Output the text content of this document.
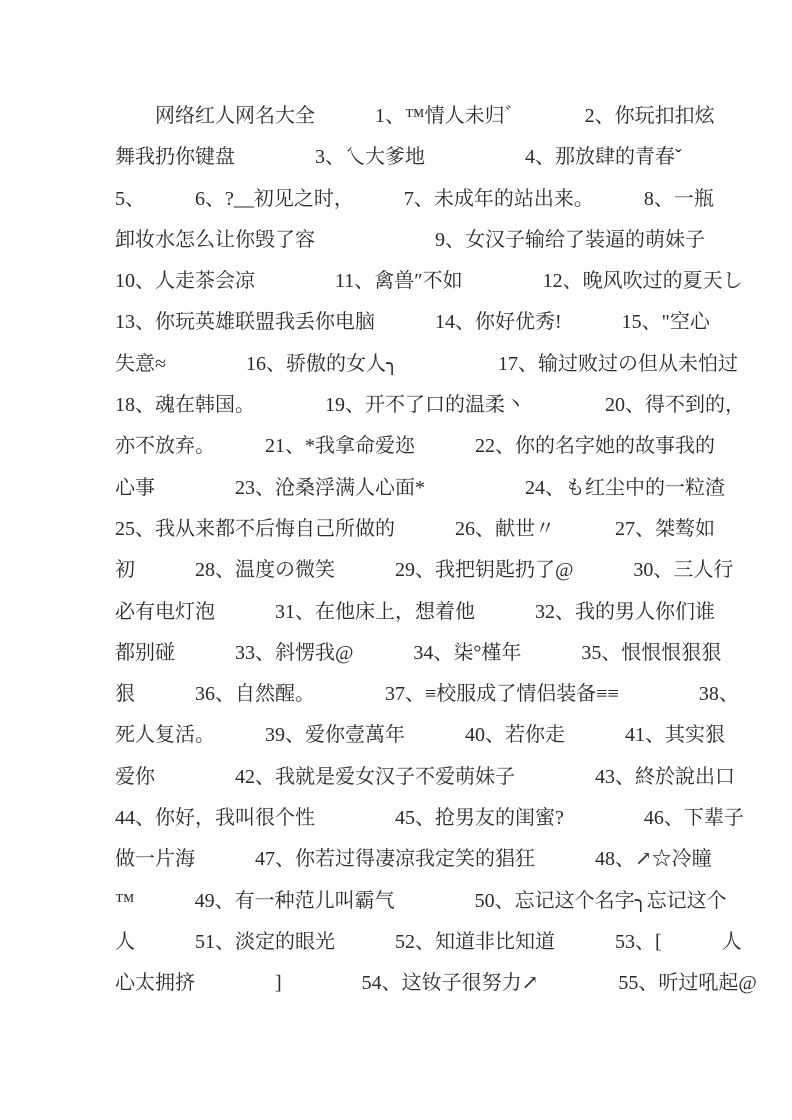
　　网络红人网名大全　　　1、™情人未归゛　　　2、你玩扣扣炫
舞我扔你键盘　　　　3、乀大爹地　　　　　4、那放肆的青春ˇ
5、　　　6、?__初见之时，　　　7、未成年的站出来。　　　8、一瓶
卸妆水怎么让你毁了容　　　　　　9、女汉子输给了装逼的萌妹子
10、人走茶会凉　　　　11、禽兽″不如　　　　12、晚风吹过的夏天し
13、你玩英雄联盟我丢你电脑　　　14、你好优秀!　　　15、"空心
失意≈　　　　16、骄傲的女人╮　　　　　17、输过败过の但从未怕过
18、魂在韩国。　　　　19、开不了口的温柔丶　　　　20、得不到的，
亦不放弃。　　　21、*我拿命爱迩　　　22、你的名字她的故事我的
心事　　　　23、沧桑浮满人心面*　　　　　24、も红尘中的一粒渣
25、我从来都不后悔自己所做的　　　26、献世〃　　　27、桀骜如
初　　　28、温度の微笑　　　29、我把钥匙扔了@　　　30、三人行
必有电灯泡　　　31、在他床上，想着他　　　32、我的男人你们谁
都别碰　　　33、斜愣我@　　　34、柒°槿年　　　35、恨恨恨狠狠
狠　　　36、自然醒。　　　　37、≡校服成了情侣装备≡≡　　　　38、
死人复活。　　　39、爱你壹萬年　　　40、若你走　　　41、其实狠
爱你　　　　42、我就是爱女汉子不爱萌妹子　　　　43、終於說出口
44、你好，我叫很个性　　　　45、抢男友的闺蜜?　　　　46、下辈子
做一片海　　　47、你若过得凄凉我定笑的猖狂　　　48、↗☆冷瞳
™　　　49、有一种范儿叫霸气　　　　50、忘记这个名字╮忘记这个
人　　　51、淡定的眼光　　　52、知道非比知道　　　53、[　　　人
心太拥挤　　　　]　　　　54、这钕子很努力↗　　　　55、听过吼起@
